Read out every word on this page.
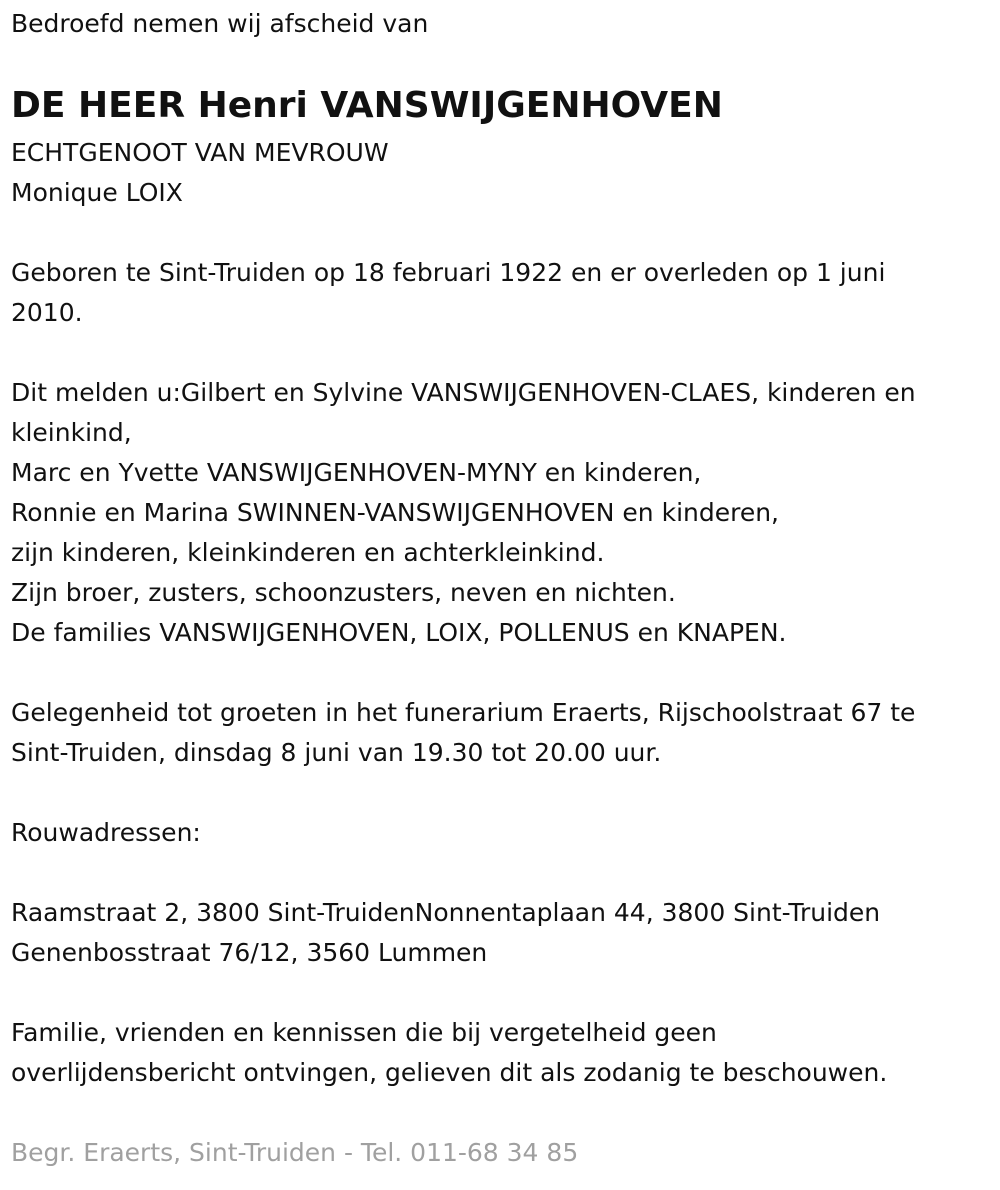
Bedroefd nemen wij afscheid van
DE HEER Henri VANSWIJGENHOVEN
ECHTGENOOT VAN MEVROUW
Monique LOIX
Geboren te Sint-Truiden op 18 februari 1922 en er overleden op 1 juni
2010.
Dit melden u:Gilbert en Sylvine VANSWIJGENHOVEN-CLAES, kinderen en
kleinkind,
Marc en Yvette VANSWIJGENHOVEN-MYNY en kinderen,
Ronnie en Marina SWINNEN-VANSWIJGENHOVEN en kinderen,
zijn kinderen, kleinkinderen en achterkleinkind.
Zijn broer, zusters, schoonzusters, neven en nichten.
De families VANSWIJGENHOVEN, LOIX, POLLENUS en KNAPEN.
Gelegenheid tot groeten in het funerarium Eraerts, Rijschoolstraat 67 te
Sint-Truiden, dinsdag 8 juni van 19.30 tot 20.00 uur.
Rouwadressen:
Raamstraat 2, 3800 Sint-TruidenNonnentaplaan 44, 3800 Sint-Truiden
Genenbosstraat 76/12, 3560 Lummen
Familie, vrienden en kennissen die bij vergetelheid geen
overlijdensbericht ontvingen, gelieven dit als zodanig te beschouwen.
Begr. Eraerts, Sint-Truiden - Tel. 011-68 34 85
